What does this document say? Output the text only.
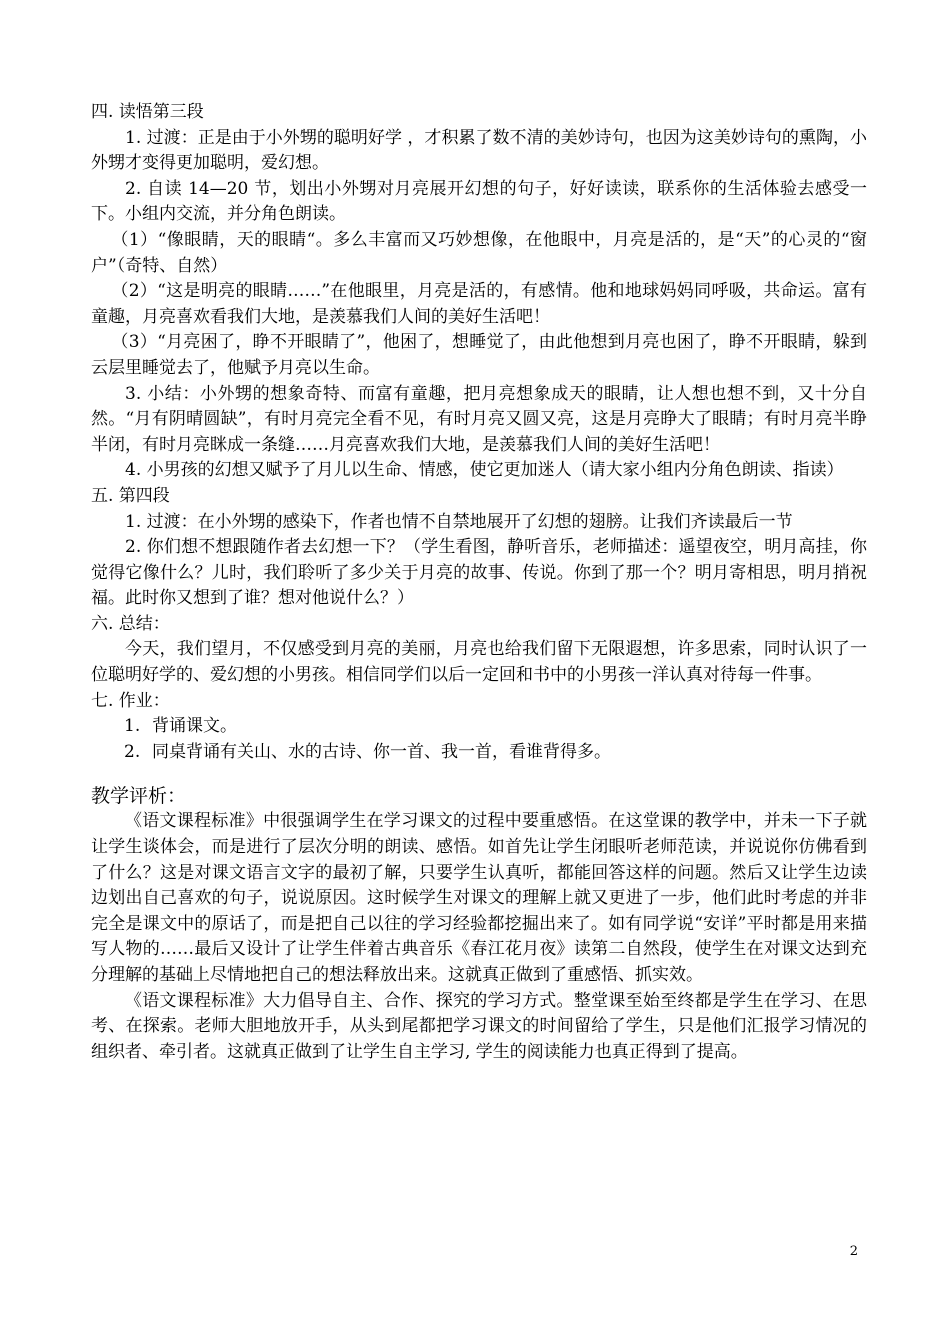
四. 读悟第三段

1. 过渡：正是由于小外甥的聪明好学 ，才积累了数不清的美妙诗句，也因为这美妙诗句的熏陶，小外甥才变得更加聪明，爱幻想。

2. 自读 14—20 节，划出小外甥对月亮展开幻想的句子，好好读读，联系你的生活体验去感受一下。小组内交流，并分角色朗读。

（1）“像眼睛，天的眼睛“。多么丰富而又巧妙想像，在他眼中，月亮是活的，是“天”的心灵的“窗户”（奇特、自然）

（2）“这是明亮的眼睛……”在他眼里，月亮是活的，有感情。他和地球妈妈同呼吸，共命运。富有童趣，月亮喜欢看我们大地，是羡慕我们人间的美好生活吧！

（3）“月亮困了，睁不开眼睛了”，他困了，想睡觉了，由此他想到月亮也困了，睁不开眼睛，躲到云层里睡觉去了，他赋予月亮以生命。

3. 小结：小外甥的想象奇特、而富有童趣，把月亮想象成天的眼睛，让人想也想不到，又十分自然。“月有阴晴圆缺”，有时月亮完全看不见，有时月亮又圆又亮，这是月亮睁大了眼睛；有时月亮半睁半闭，有时月亮眯成一条缝……月亮喜欢我们大地，是羡慕我们人间的美好生活吧！

4. 小男孩的幻想又赋予了月儿以生命、情感，使它更加迷人（请大家小组内分角色朗读、指读）

五. 第四段

1. 过渡：在小外甥的感染下，作者也情不自禁地展开了幻想的翅膀。让我们齐读最后一节

2. 你们想不想跟随作者去幻想一下？（学生看图，静听音乐，老师描述：遥望夜空，明月高挂，你觉得它像什么？儿时，我们聆听了多少关于月亮的故事、传说。你到了那一个？明月寄相思，明月捎祝福。此时你又想到了谁？想对他说什么？）

六. 总结：

今天，我们望月，不仅感受到月亮的美丽，月亮也给我们留下无限遐想，许多思索，同时认识了一位聪明好学的、爱幻想的小男孩。相信同学们以后一定回和书中的小男孩一洋认真对待每一件事。

七. 作业：

1. 背诵课文。

2. 同桌背诵有关山、水的古诗、你一首、我一首，看谁背得多。

教学评析：

《语文课程标准》中很强调学生在学习课文的过程中要重感悟。在这堂课的教学中，并未一下子就让学生谈体会，而是进行了层次分明的朗读、感悟。如首先让学生闭眼听老师范读，并说说你仿佛看到了什么？这是对课文语言文字的最初了解，只要学生认真听，都能回答这样的问题。然后又让学生边读边划出自己喜欢的句子，说说原因。这时候学生对课文的理解上就又更进了一步，他们此时考虑的并非完全是课文中的原话了，而是把自己以往的学习经验都挖掘出来了。如有同学说“安详”平时都是用来描写人物的……最后又设计了让学生伴着古典音乐《春江花月夜》读第二自然段，使学生在对课文达到充分理解的基础上尽情地把自己的想法释放出来。这就真正做到了重感悟、抓实效。

《语文课程标准》大力倡导自主、合作、探究的学习方式。整堂课至始至终都是学生在学习、在思考、在探索。老师大胆地放开手，从头到尾都把学习课文的时间留给了学生，只是他们汇报学习情况的组织者、牵引者。这就真正做到了让学生自主学习, 学生的阅读能力也真正得到了提高。

2
